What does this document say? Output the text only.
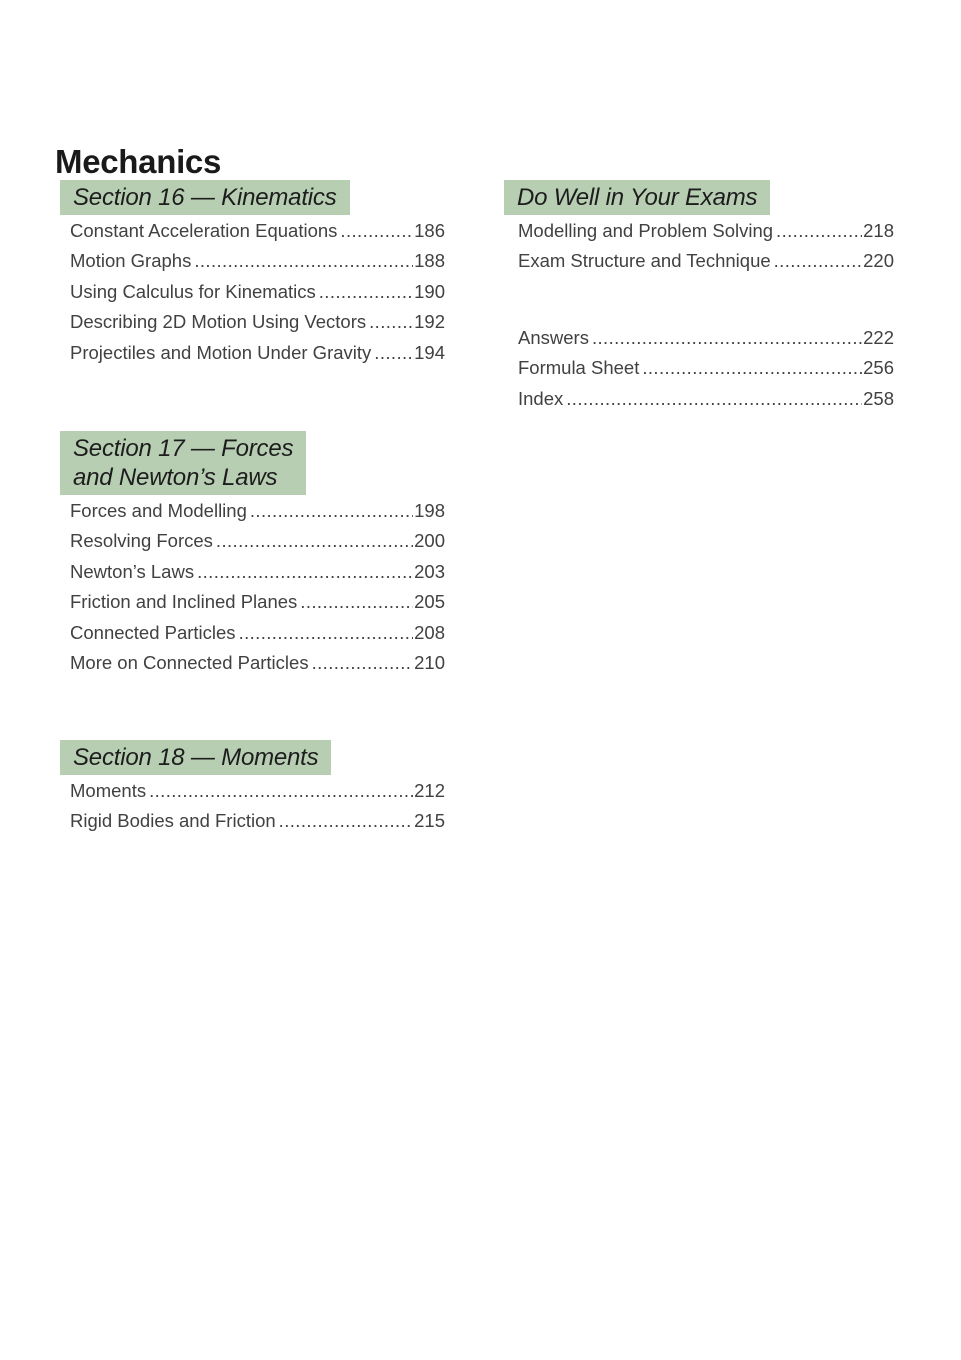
Mechanics
Section 16 — Kinematics
Constant Acceleration Equations .....	186
Motion Graphs .....	188
Using Calculus for Kinematics .....	190
Describing 2D Motion Using Vectors .....	192
Projectiles and Motion Under Gravity ..... 194
Section 17 — Forces
and Newton’s Laws
Forces and Modelling .....	198
Resolving Forces .....	200
Newton’s Laws .....	203
Friction and Inclined Planes .....	205
Connected Particles .....	208
More on Connected Particles .....	210
Section 18 — Moments
Moments .....	212
Rigid Bodies and Friction .....	215
Do Well in Your Exams
Modelling and Problem Solving .....	218
Exam Structure and Technique .....	220
Answers .....	222
Formula Sheet .....	256
Index .....	258
